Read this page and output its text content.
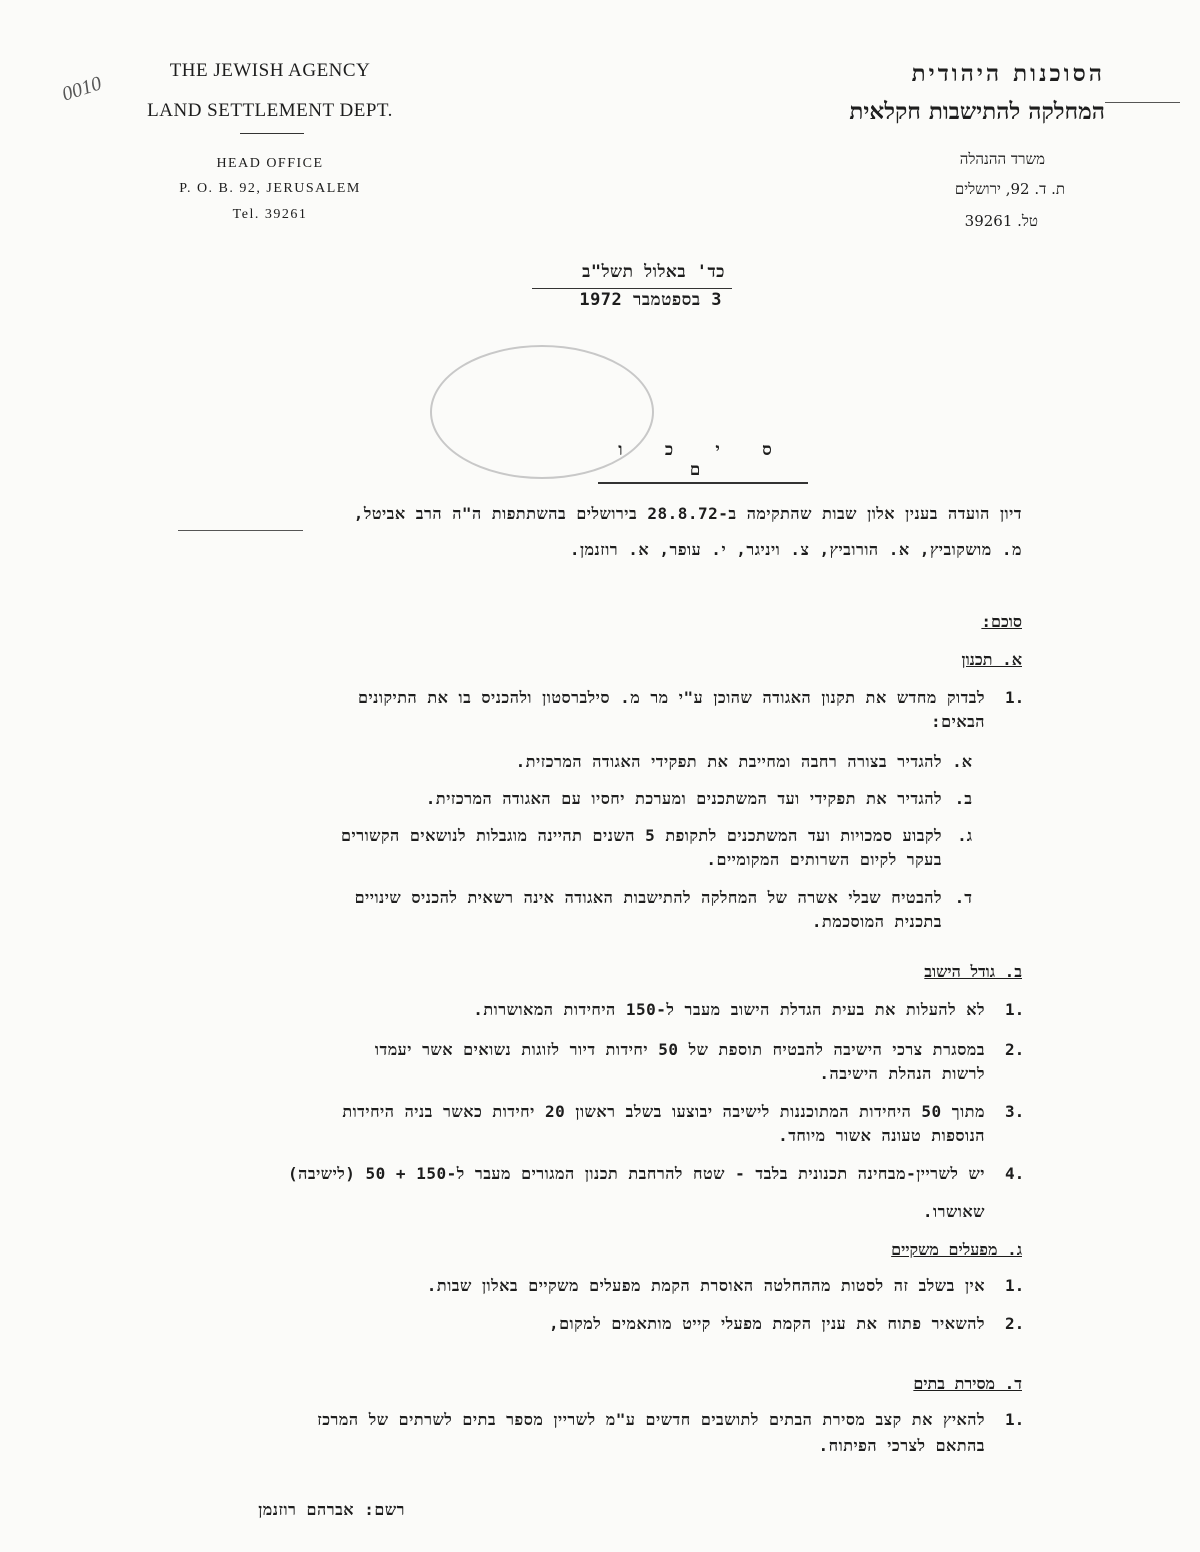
THE JEWISH AGENCY
LAND SETTLEMENT DEPT.
HEAD OFFICE
P. O. B. 92, JERUSALEM
Tel. 39261
0010	הסוכנות היהודית
המחלקה להתישבות חקלאית
משרד ההנהלה
ת. ד. 92, ירושלים
טל. 39261
כד' באלול תשל"ב
3 בספטמבר 1972
ס י כ ו ם
דיון הועדה בענין אלון שבות שהתקימה ב-28.8.72 בירושלים בהשתתפות ה"ה הרב אביטל,
מ. מושקוביץ, א. הורוביץ, צ. ויניגר, י. עופר, א. רוזנמן.
סוכם:
א. תכנון
1.
לבדוק מחדש את תקנון האגודה שהוכן ע"י מר מ. סילברסטון ולהכניס בו את התיקונים
הבאים:
א.
להגדיר בצורה רחבה ומחייבת את תפקידי האגודה המרכזית.
ב.
להגדיר את תפקידי ועד המשתכנים ומערכת יחסיו עם האגודה המרכזית.
ג.
לקבוע סמכויות ועד המשתכנים לתקופת 5 השנים תהיינה מוגבלות לנושאים הקשורים
בעקר לקיום השרותים המקומיים.
ד.
להבטיח שבלי אשרה של המחלקה להתישבות האגודה אינה רשאית להכניס שינויים
בתכנית המוסכמת.
ב. גודל הישוב
1.
לא להעלות את בעית הגדלת הישוב מעבר ל-150 היחידות המאושרות.
2.
במסגרת צרכי הישיבה להבטיח תוספת של 50 יחידות דיור לזוגות נשואים אשר יעמדו
לרשות הנהלת הישיבה.
3.
מתוך 50 היחידות המתוכננות לישיבה יבוצעו בשלב ראשון 20 יחידות כאשר בניה היחידות
הנוספות טעונה אשור מיוחד.
4.
יש לשריין-מבחינה תכנונית בלבד - שטח להרחבת תכנון המגורים מעבר ל-150 + 50 (לישיבה)
שאושרו.
ג. מפעלים משקיים
1.
אין בשלב זה לסטות מההחלטה האוסרת הקמת מפעלים משקיים באלון שבות.
2.
להשאיר פתוח את ענין הקמת מפעלי קייט מותאמים למקום,
ד. מסירת בתים
1.
להאיץ את קצב מסירת הבתים לתושבים חדשים ע"מ לשריין מספר בתים לשרתים של המרכז
בהתאם לצרכי הפיתוח.
רשם: אברהם רוזנמן
